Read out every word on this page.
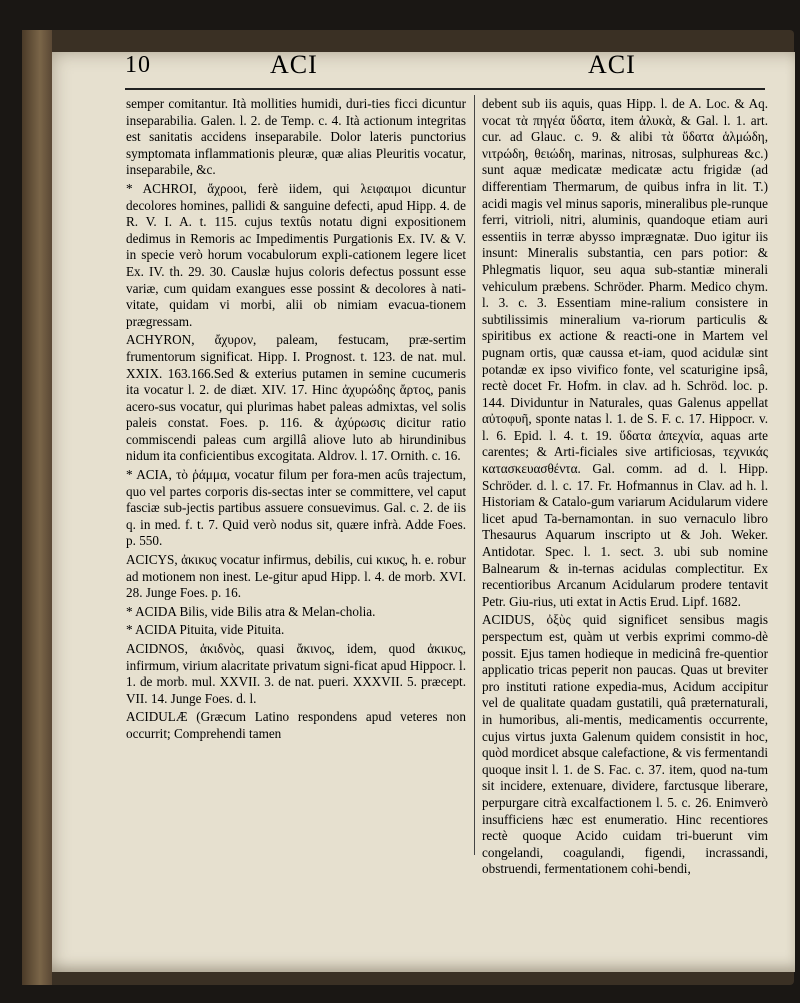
10	ACI	ACI

semper comitantur. Ità mollities humidi, duri-ties ficci dicuntur inseparabilia. Galen. l. 2. de Temp. c. 4. Ità actionum integritas est sanitatis accidens inseparabile. Dolor lateris punctorius symptomata inflammationis pleuræ, quæ alias Pleuritis vocatur, inseparabile, &c.

* ACHROI, ἄχροοι, ferè iidem, qui λειφαιμοι dicuntur decolores homines, pallidi & sanguine defecti, apud Hipp. 4. de R. V. I. A. t. 115. cujus textûs notatu digni expositionem dedimus in Remoris ac Impedimentis Purgationis Ex. IV. & V. in specie verò horum vocabulorum expli-cationem legere licet Ex. IV. th. 29. 30. Causlæ hujus coloris defectus possunt esse variæ, cum quidam exangues esse possint & decolores à nati-vitate, quidam vi morbi, alii ob nimiam evacua-tionem prægressam.

ACHYRON, ἄχυρον, paleam, festucam, præ-sertim frumentorum significat. Hipp. I. Prognost. t. 123. de nat. mul. XXIX. 163.166.Sed & exterius putamen in semine cucumeris ita vocatur l. 2. de diæt. XIV. 17. Hinc ἀχυρώδης ἄρτος, panis acero-sus vocatur, qui plurimas habet paleas admixtas, vel solis paleis constat. Foes. p. 116. & ἀχύρωσις dicitur ratio commiscendi paleas cum argillâ aliove luto ab hirundinibus nidum ita conficientibus excogitata. Aldrov. l. 17. Ornith. c. 16.

* ACIA, τὸ ῥάμμα, vocatur filum per fora-men acûs trajectum, quo vel partes corporis dis-sectas inter se committere, vel caput fasciæ sub-jectis partibus assuere consuevimus. Gal. c. 2. de iis q. in med. f. t. 7. Quid verò nodus sit, quære infrà. Adde Foes. p. 550.

ACICYS, ἀκικυς vocatur infirmus, debilis, cui κικυς, h. e. robur ad motionem non inest. Le-gitur apud Hipp. l. 4. de morb. XVI. 28. Junge Foes. p. 16.

* ACIDA Bilis, vide Bilis atra & Melan-cholia.

* ACIDA Pituita, vide Pituita.

ACIDNOS, ἀκιδνὸς, quasi ἄκινος, idem, quod ἀκικυς, infirmum, virium alacritate privatum signi-ficat apud Hippocr. l. 1. de morb. mul. XXVII. 3. de nat. pueri. XXXVII. 5. præcept. VII. 14. Junge Foes. d. l.

ACIDULÆ (Græcum Latino respondens apud veteres non occurrit; Comprehendi tamen

debent sub iis aquis, quas Hipp. l. de A. Loc. & Aq. vocat τὰ πηγέα ὕδατα, item ἀλυκὰ, & Gal. l. 1. art. cur. ad Glauc. c. 9. & alibi τὰ ὕδατα ἁλμώδη, νιτρώδη, θειώδη, marinas, nitrosas, sulphureas &c.) sunt aquæ medicatæ medicatæ actu frigidæ (ad differentiam Thermarum, de quibus infra in lit. T.) acidi magis vel minus saporis, mineralibus ple-runque ferri, vitrioli, nitri, aluminis, quandoque etiam auri essentiis in terræ abysso imprægnatæ. Duo igitur iis insunt: Mineralis substantia, cen pars potior: & Phlegmatis liquor, seu aqua sub-stantiæ minerali vehiculum præbens. Schröder. Pharm. Medico chym. l. 3. c. 3. Essentiam mine-ralium consistere in subtilissimis mineralium va-riorum particulis & spiritibus ex actione & reacti-one in Martem vel pugnam ortis, quæ caussa et-iam, quod acidulæ sint potandæ ex ipso vivifico fonte, vel scaturigine ipsâ, rectè docet Fr. Hofm. in clav. ad h. Schröd. loc. p. 144. Dividuntur in Naturales, quas Galenus appellat αὐτοφυῆ, sponte natas l. 1. de S. F. c. 17. Hippocr. v. l. 6. Epid. l. 4. t. 19. ὕδατα ἀπεχνία, aquas arte carentes; & Arti-ficiales sive artificiosas, τεχνικάς κατασκευασθέντα. Gal. comm. ad d. l. Hipp. Schröder. d. l. c. 17. Fr. Hofmannus in Clav. ad h. l. Historiam & Catalo-gum variarum Acidularum videre licet apud Ta-bernamontan. in suo vernaculo libro Thesaurus Aquarum inscripto ut & Joh. Weker. Antidotar. Spec. l. 1. sect. 3. ubi sub nomine Balnearum & in-ternas acidulas complectitur. Ex recentioribus Arcanum Acidularum prodere tentavit Petr. Giu-rius, uti extat in Actis Erud. Lipf. 1682.

ACIDUS, ὀξὺς quid significet sensibus magis perspectum est, quàm ut verbis exprimi commo-dè possit. Ejus tamen hodieque in medicinâ fre-quentior applicatio tricas peperit non paucas. Quas ut breviter pro instituti ratione expedia-mus, Acidum accipitur vel de qualitate quadam gustatili, quâ præternaturali, in humoribus, ali-mentis, medicamentis occurrente, cujus virtus juxta Galenum quidem consistit in hoc, quòd mordicet absque calefactione, & vis fermentandi quoque insit l. 1. de S. Fac. c. 37. item, quod na-tum sit incidere, extenuare, dividere, farctusque liberare, perpurgare citrà excalfactionem l. 5. c. 26. Enimverò insufficiens hæc est enumeratio. Hinc recentiores rectè quoque Acido cuidam tri-buerunt vim congelandi, coagulandi, figendi, incrassandi, obstruendi, fermentationem cohi-bendi,
